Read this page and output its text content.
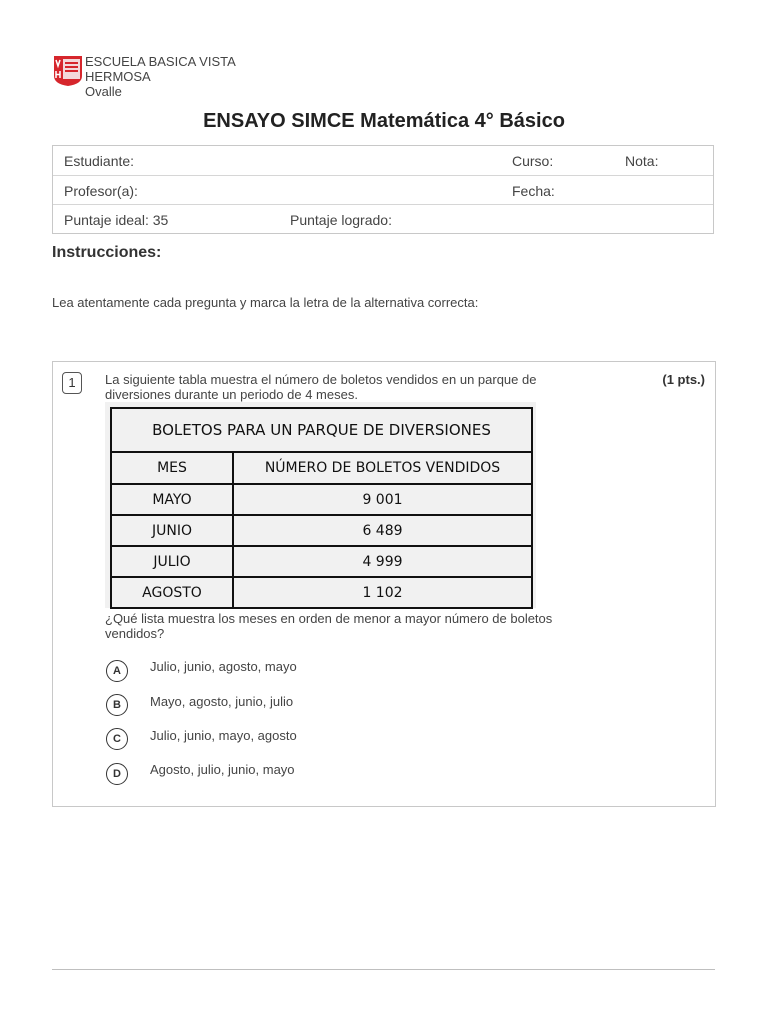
ESCUELA BASICA VISTA
HERMOSA
Ovalle
ENSAYO SIMCE Matemática 4° Básico
Estudiante:	Curso:	Nota:
Profesor(a):	Fecha:
Puntaje ideal: 35	Puntaje logrado:
Instrucciones:
Lea atentamente cada pregunta y marca la letra de la alternativa correcta:
1	La siguiente tabla muestra el número de boletos vendidos en un parque de diversiones durante un periodo de 4 meses.
(1 pts.)
BOLETOS PARA UN PARQUE DE DIVERSIONES	
MES	NÚMERO DE BOLETOS VENDIDOS
MAYO	9 001
JUNIO	6 489
JULIO	4 999
AGOSTO	1 102
¿Qué lista muestra los meses en orden de menor a mayor número de boletos vendidos?
A	Julio, junio, agosto, mayo
B	Mayo, agosto, junio, julio
C	Julio, junio, mayo, agosto
D	Agosto, julio, junio, mayo
